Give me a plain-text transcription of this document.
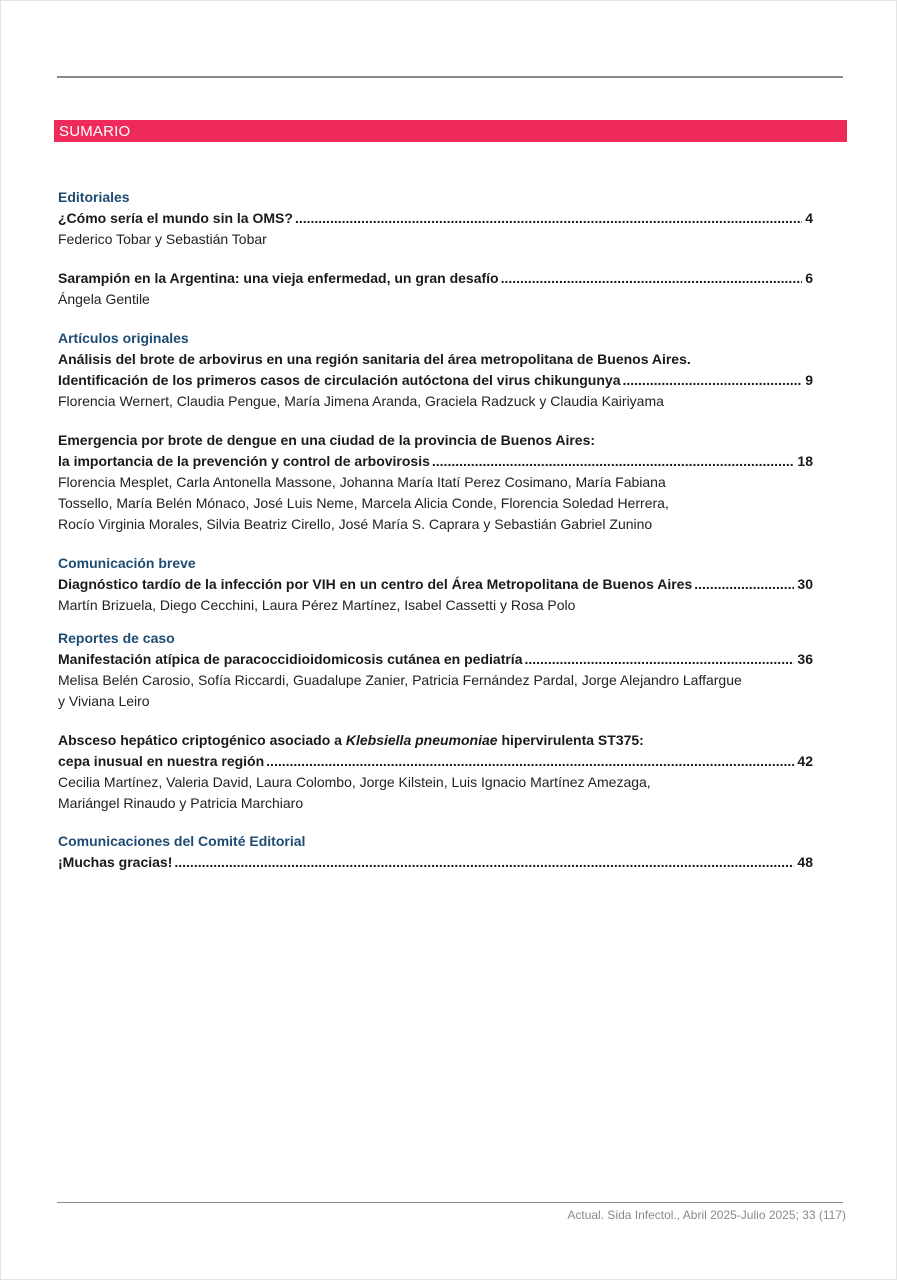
SUMARIO
Editoriales
¿Cómo sería el mundo sin la OMS? .....	4
Federico Tobar y Sebastián Tobar
Sarampión en la Argentina: una vieja enfermedad, un gran desafío .....	6
Ángela Gentile
Artículos originales
Análisis del brote de arbovirus en una región sanitaria del área metropolitana de Buenos Aires.
Identificación de los primeros casos de circulación autóctona del virus chikungunya .....	9
Florencia Wernert, Claudia Pengue, María Jimena Aranda, Graciela Radzuck y Claudia Kairiyama
Emergencia por brote de dengue en una ciudad de la provincia de Buenos Aires:
la importancia de la prevención y control de arbovirosis .....	18
Florencia Mesplet, Carla Antonella Massone, Johanna María Itatí Perez Cosimano, María Fabiana
Tossello, María Belén Mónaco, José Luis Neme, Marcela Alicia Conde, Florencia Soledad Herrera,
Rocío Virginia Morales, Silvia Beatriz Cirello, José María S. Caprara y Sebastián Gabriel Zunino
Comunicación breve
Diagnóstico tardío de la infección por VIH en un centro del Área Metropolitana de Buenos Aires .....	30
Martín Brizuela, Diego Cecchini, Laura Pérez Martínez, Isabel Cassetti y Rosa Polo
Reportes de caso
Manifestación atípica de paracoccidioidomicosis cutánea en pediatría .....	36
Melisa Belén Carosio, Sofía Riccardi, Guadalupe Zanier, Patricia Fernández Pardal, Jorge Alejandro Laffargue
y Viviana Leiro
Absceso hepático criptogénico asociado a Klebsiella pneumoniae hipervirulenta ST375:
cepa inusual en nuestra región .....	42
Cecilia Martínez, Valeria David, Laura Colombo, Jorge Kilstein, Luis Ignacio Martínez Amezaga,
Mariángel Rinaudo y Patricia Marchiaro
Comunicaciones del Comité Editorial
¡Muchas gracias! .....	48
Actual. Sida Infectol., Abril 2025-Julio 2025; 33 (117)
